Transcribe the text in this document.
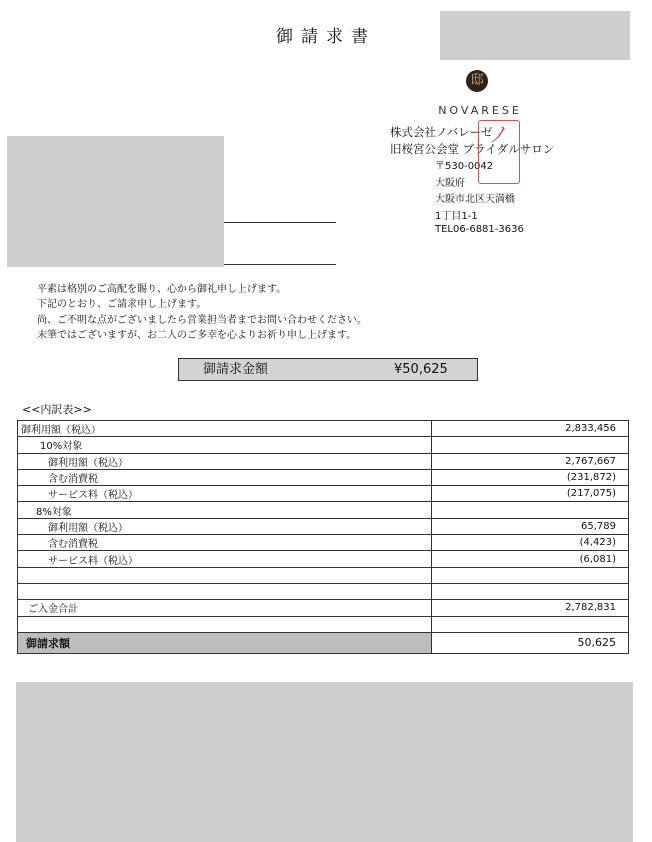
御請求書
邸
NOVARESE
株式会社ノバレーゼ
旧桜宮公会堂 ブライダルサロン
〒530-0042
大阪府
大阪市北区天満橋
1丁目1-1
TEL06-6881-3636
ノ
平素は格別のご高配を賜り、心から御礼申し上げます。
下記のとおり、ご請求申し上げます。
尚、ご不明な点がございましたら営業担当者までお問い合わせください。
末筆ではございますが、お二人のご多幸を心よりお祈り申し上げます。
御請求金額	¥50,625
<<内訳表>>
御利用額（税込）	2,833,456
10%対象	
御利用額（税込）	2,767,667
含む消費税	(231,872)
サービス料（税込）	(217,075)
8%対象	
御利用額（税込）	65,789
含む消費税	(4,423)
サービス料（税込）	(6,081)

ご入金合計	2,782,831

御請求額	50,625
